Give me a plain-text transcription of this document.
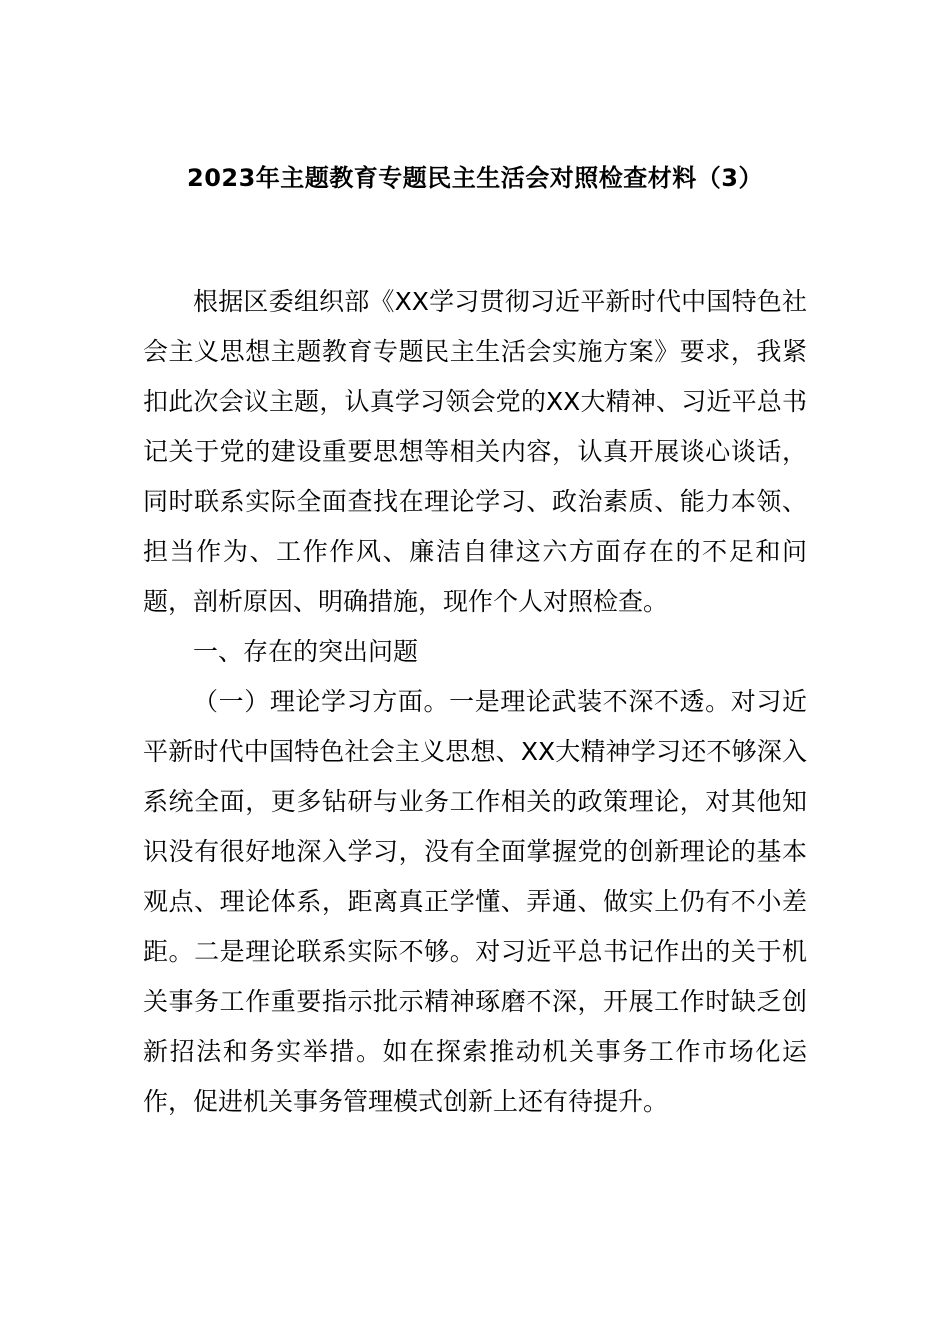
2023年主题教育专题民主生活会对照检查材料（3）

根据区委组织部《XX学习贯彻习近平新时代中国特色社会主义思想主题教育专题民主生活会实施方案》要求，我紧扣此次会议主题，认真学习领会党的XX大精神、习近平总书记关于党的建设重要思想等相关内容，认真开展谈心谈话，同时联系实际全面查找在理论学习、政治素质、能力本领、担当作为、工作作风、廉洁自律这六方面存在的不足和问题，剖析原因、明确措施，现作个人对照检查。

一、存在的突出问题

（一）理论学习方面。一是理论武装不深不透。对习近平新时代中国特色社会主义思想、XX大精神学习还不够深入系统全面，更多钻研与业务工作相关的政策理论，对其他知识没有很好地深入学习，没有全面掌握党的创新理论的基本观点、理论体系，距离真正学懂、弄通、做实上仍有不小差距。二是理论联系实际不够。对习近平总书记作出的关于机关事务工作重要指示批示精神琢磨不深，开展工作时缺乏创新招法和务实举措。如在探索推动机关事务工作市场化运作，促进机关事务管理模式创新上还有待提升。
